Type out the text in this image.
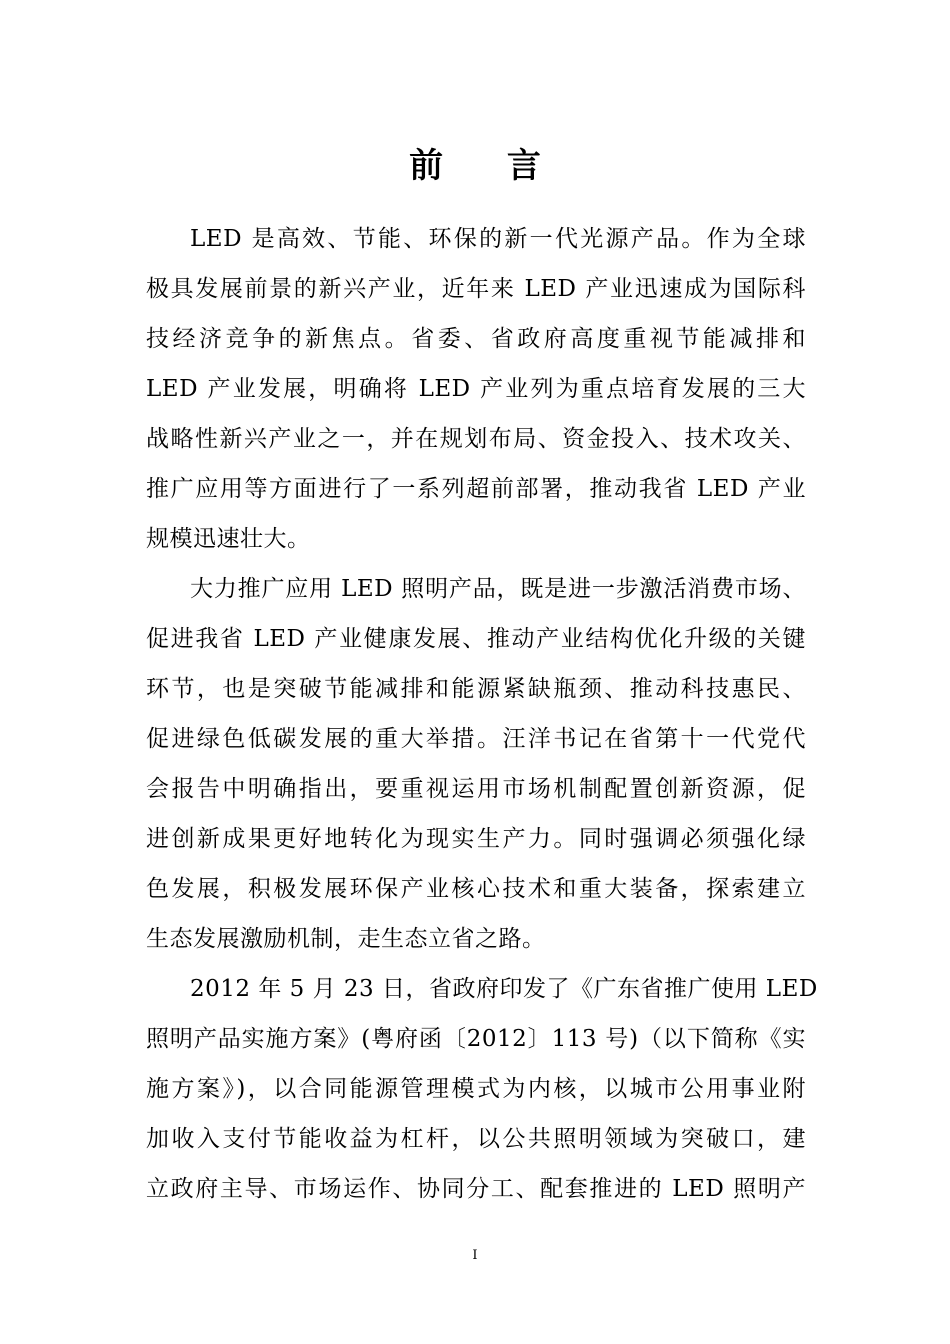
前 言
LED 是高效、节能、环保的新一代光源产品。作为全球
极具发展前景的新兴产业，近年来 LED 产业迅速成为国际科
技经济竞争的新焦点。省委、省政府高度重视节能减排和
LED 产业发展，明确将 LED 产业列为重点培育发展的三大
战略性新兴产业之一，并在规划布局、资金投入、技术攻关、
推广应用等方面进行了一系列超前部署，推动我省 LED 产业
规模迅速壮大。
大力推广应用 LED 照明产品，既是进一步激活消费市场、
促进我省 LED 产业健康发展、推动产业结构优化升级的关键
环节，也是突破节能减排和能源紧缺瓶颈、推动科技惠民、
促进绿色低碳发展的重大举措。汪洋书记在省第十一代党代
会报告中明确指出，要重视运用市场机制配置创新资源，促
进创新成果更好地转化为现实生产力。同时强调必须强化绿
色发展，积极发展环保产业核心技术和重大装备，探索建立
生态发展激励机制，走生态立省之路。
2012 年 5 月 23 日，省政府印发了《广东省推广使用 LED
照明产品实施方案》(粤府函〔2012〕113 号)（以下简称《实
施方案》)，以合同能源管理模式为内核，以城市公用事业附
加收入支付节能收益为杠杆，以公共照明领域为突破口，建
立政府主导、市场运作、协同分工、配套推进的 LED 照明产
I
